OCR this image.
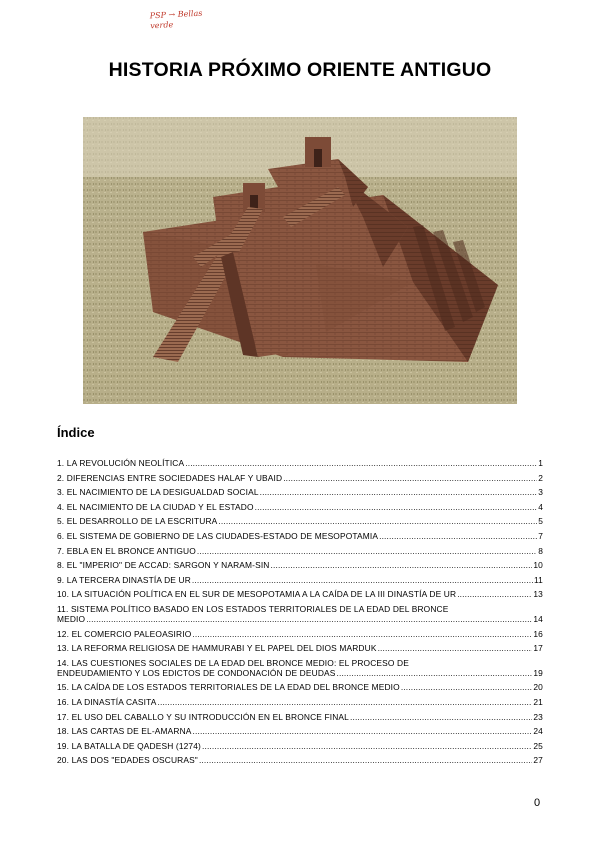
PSP → Bellas
verde
HISTORIA PRÓXIMO ORIENTE ANTIGUO
Índice
1. LA REVOLUCIÓN NEOLÍTICA .....	1
2. DIFERENCIAS ENTRE SOCIEDADES HALAF Y UBAID .....	2
3. EL NACIMIENTO DE LA DESIGUALDAD SOCIAL .....	3
4. EL NACIMIENTO DE LA CIUDAD Y EL ESTADO .....	4
5. EL DESARROLLO DE LA ESCRITURA .....	5
6. EL SISTEMA DE GOBIERNO DE LAS CIUDADES-ESTADO DE MESOPOTAMIA .....	7
7. EBLA EN EL BRONCE ANTIGUO .....	8
8. EL "IMPERIO" DE ACCAD: SARGON Y NARAM-SIN .....	10
9. LA TERCERA DINASTÍA DE UR .....	11
10. LA SITUACIÓN POLÍTICA EN EL SUR DE MESOPOTAMIA A LA CAÍDA DE LA III DINASTÍA DE UR .....	13
11. SISTEMA POLÍTICO BASADO EN LOS ESTADOS TERRITORIALES DE LA EDAD DEL BRONCE
MEDIO .....	14
12. EL COMERCIO PALEOASIRIO .....	16
13. LA REFORMA RELIGIOSA DE HAMMURABI Y EL PAPEL DEL DIOS MARDUK .....	17
14. LAS CUESTIONES SOCIALES DE LA EDAD DEL BRONCE MEDIO: EL PROCESO DE
ENDEUDAMIENTO Y LOS EDICTOS DE CONDONACIÓN DE DEUDAS .....	19
15. LA CAÍDA DE LOS ESTADOS TERRITORIALES DE LA EDAD DEL BRONCE MEDIO .....	20
16. LA DINASTÍA CASITA .....	21
17. EL USO DEL CABALLO Y SU INTRODUCCIÓN EN EL BRONCE FINAL .....	23
18. LAS CARTAS DE EL-AMARNA .....	24
19. LA BATALLA DE QADESH (1274) .....	25
20. LAS DOS "EDADES OSCURAS" .....	27
0
